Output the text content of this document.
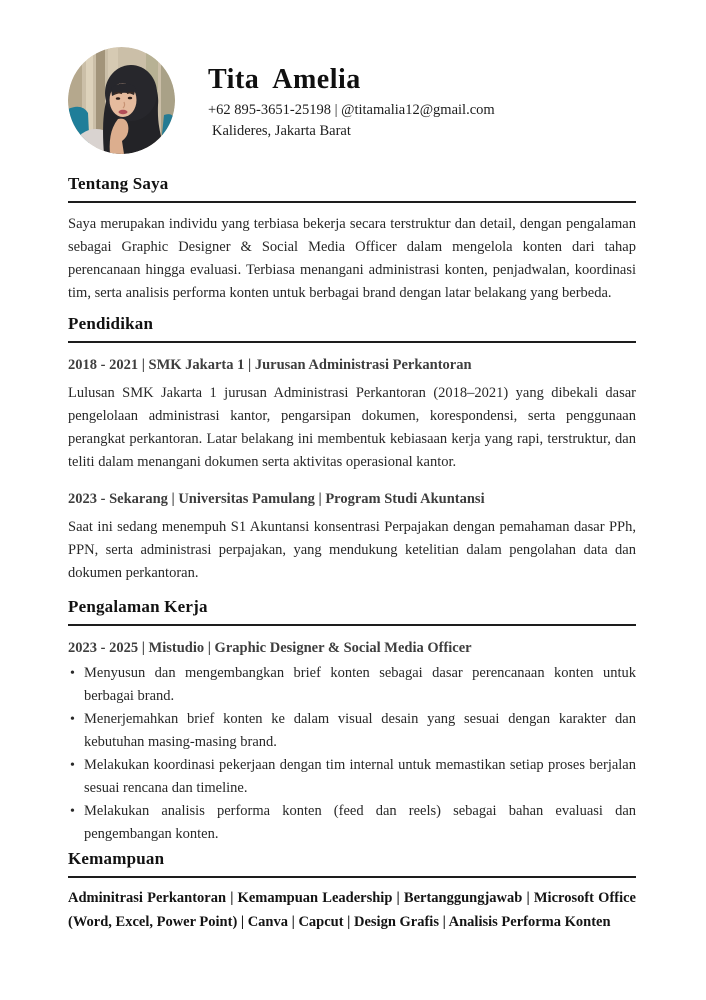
Tita Amelia
+62 895-3651-25198 | @titamalia12@gmail.com
Kalideres, Jakarta Barat
Tentang Saya

Saya merupakan individu yang terbiasa bekerja secara terstruktur dan detail, dengan pengalaman sebagai Graphic Designer & Social Media Officer dalam mengelola konten dari tahap perencanaan hingga evaluasi. Terbiasa menangani administrasi konten, penjadwalan, koordinasi tim, serta analisis performa konten untuk berbagai brand dengan latar belakang yang berbeda.

Pendidikan
2018 - 2021 | SMK Jakarta 1 | Jurusan Administrasi Perkantoran

Lulusan SMK Jakarta 1 jurusan Administrasi Perkantoran (2018–2021) yang dibekali dasar pengelolaan administrasi kantor, pengarsipan dokumen, korespondensi, serta penggunaan perangkat perkantoran. Latar belakang ini membentuk kebiasaan kerja yang rapi, terstruktur, dan teliti dalam menangani dokumen serta aktivitas operasional kantor.

2023 - Sekarang | Universitas Pamulang | Program Studi Akuntansi

Saat ini sedang menempuh S1 Akuntansi konsentrasi Perpajakan dengan pemahaman dasar PPh, PPN, serta administrasi perpajakan, yang mendukung ketelitian dalam pengolahan data dan dokumen perkantoran.

Pengalaman Kerja
2023 - 2025 | Mistudio | Graphic Designer & Social Media Officer
• Menyusun dan mengembangkan brief konten sebagai dasar perencanaan konten untuk berbagai brand.
• Menerjemahkan brief konten ke dalam visual desain yang sesuai dengan karakter dan kebutuhan masing-masing brand.
• Melakukan koordinasi pekerjaan dengan tim internal untuk memastikan setiap proses berjalan sesuai rencana dan timeline.
• Melakukan analisis performa konten (feed dan reels) sebagai bahan evaluasi dan pengembangan konten.
Kemampuan

Adminitrasi Perkantoran | Kemampuan Leadership | Bertanggungjawab | Microsoft Office (Word, Excel, Power Point) | Canva | Capcut | Design Grafis | Analisis Performa Konten
